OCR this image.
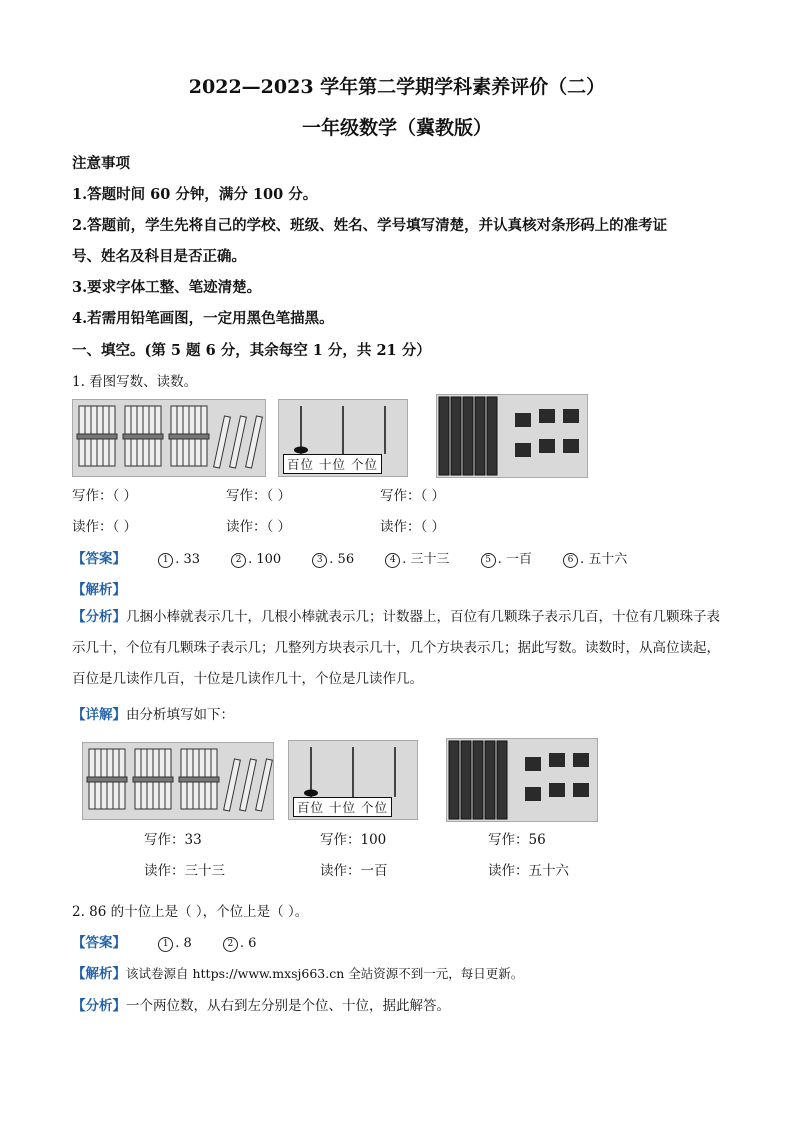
2022—2023 学年第二学期学科素养评价（二）
一年级数学（冀教版）
注意事项
1.答题时间 60 分钟，满分 100 分。
2.答题前，学生先将自己的学校、班级、姓名、学号填写清楚，并认真核对条形码上的准考证
号、姓名及科目是否正确。
3.要求字体工整、笔迹清楚。
4.若需用铅笔画图，一定用黑色笔描黑。
一、填空。(第 5 题 6 分，其余每空 1 分，共 21 分）
1. 看图写数、读数。
百位 十位 个位
写作：（ ）	写作：（ ）	写作：（ ）
读作：（ ）	读作：（ ）	读作：（ ）
【答案】	1 . 33	2 . 100	3 . 56	4 . 三十三	5 . 一百	6 . 五十六
【解析】
【分析】几捆小棒就表示几十，几根小棒就表示几；计数器上，百位有几颗珠子表示几百，十位有几颗珠子表示几十，个位有几颗珠子表示几；几整列方块表示几十，几个方块表示几；据此写数。读数时，从高位读起，百位是几读作几百，十位是几读作几十，个位是几读作几。
【详解】由分析填写如下：
百位 十位 个位
写作：33	写作：100	写作：56
读作：三十三	读作：一百	读作：五十六
2. 86 的十位上是（ ），个位上是（ ）。
【答案】	1 . 8	2 . 6
【解析】该试卷源自 https://www.mxsj663.cn 全站资源不到一元，每日更新。
【分析】一个两位数，从右到左分别是个位、十位，据此解答。
